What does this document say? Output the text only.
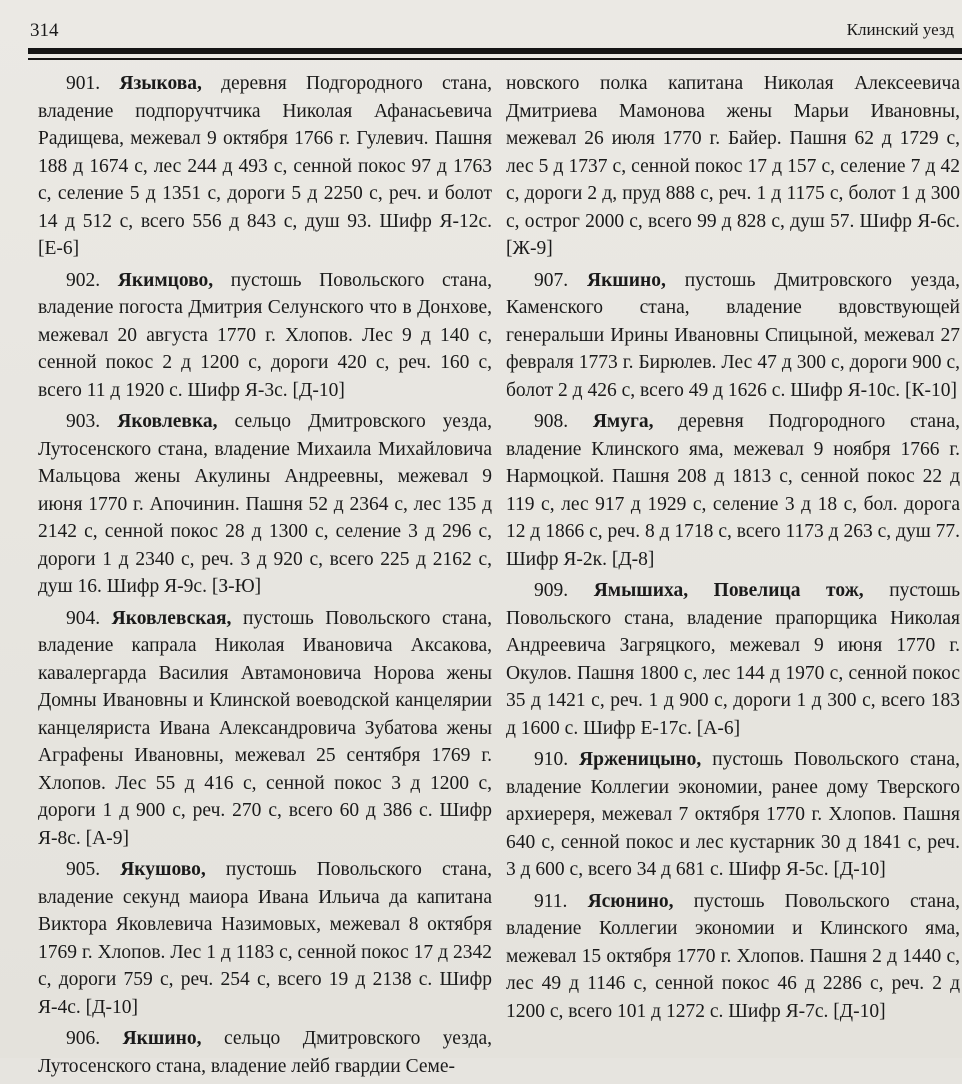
314	Клинский уезд

901. Языкова, деревня Подгородного стана, владение подпоручтчика Николая Афанасьевича Радищева, межевал 9 октября 1766 г. Гулевич. Пашня 188 д 1674 с, лес 244 д 493 с, сенной покос 97 д 1763 с, селение 5 д 1351 с, дороги 5 д 2250 с, реч. и болот 14 д 512 с, всего 556 д 843 с, душ 93. Шифр Я-12с. [Е-6]

902. Якимцово, пустошь Повольского стана, владение погоста Дмитрия Селунского что в Донхове, межевал 20 августа 1770 г. Хлопов. Лес 9 д 140 с, сенной покос 2 д 1200 с, дороги 420 с, реч. 160 с, всего 11 д 1920 с. Шифр Я-3с. [Д-10]

903. Яковлевка, сельцо Дмитровского уезда, Лутосенского стана, владение Михаила Михайловича Мальцова жены Акулины Андреевны, межевал 9 июня 1770 г. Апочинин. Пашня 52 д 2364 с, лес 135 д 2142 с, сенной покос 28 д 1300 с, селение 3 д 296 с, дороги 1 д 2340 с, реч. 3 д 920 с, всего 225 д 2162 с, душ 16. Шифр Я-9с. [З-Ю]

904. Яковлевская, пустошь Повольского стана, владение капрала Николая Ивановича Аксакова, кавалергарда Василия Автамоновича Норова жены Домны Ивановны и Клинской воеводской канцелярии канцеляриста Ивана Александровича Зубатова жены Аграфены Ивановны, межевал 25 сентября 1769 г. Хлопов. Лес 55 д 416 с, сенной покос 3 д 1200 с, дороги 1 д 900 с, реч. 270 с, всего 60 д 386 с. Шифр Я-8с. [А-9]

905. Якушово, пустошь Повольского стана, владение секунд маиора Ивана Ильича да капитана Виктора Яковлевича Назимовых, межевал 8 октября 1769 г. Хлопов. Лес 1 д 1183 с, сенной покос 17 д 2342 с, дороги 759 с, реч. 254 с, всего 19 д 2138 с. Шифр Я-4с. [Д-10]

906. Якшино, сельцо Дмитровского уезда, Лутосенского стана, владение лейб гвардии Семе-

новского полка капитана Николая Алексеевича Дмитриева Мамонова жены Марьи Ивановны, межевал 26 июля 1770 г. Байер. Пашня 62 д 1729 с, лес 5 д 1737 с, сенной покос 17 д 157 с, селение 7 д 42 с, дороги 2 д, пруд 888 с, реч. 1 д 1175 с, болот 1 д 300 с, острог 2000 с, всего 99 д 828 с, душ 57. Шифр Я-6с. [Ж-9]

907. Якшино, пустошь Дмитровского уезда, Каменского стана, владение вдовствующей генеральши Ирины Ивановны Спицыной, межевал 27 февраля 1773 г. Бирюлев. Лес 47 д 300 с, дороги 900 с, болот 2 д 426 с, всего 49 д 1626 с. Шифр Я-10с. [К-10]

908. Ямуга, деревня Подгородного стана, владение Клинского яма, межевал 9 ноября 1766 г. Нармоцкой. Пашня 208 д 1813 с, сенной покос 22 д 119 с, лес 917 д 1929 с, селение 3 д 18 с, бол. дорога 12 д 1866 с, реч. 8 д 1718 с, всего 1173 д 263 с, душ 77. Шифр Я-2к. [Д-8]

909. Ямышиха, Повелица тож, пустошь Повольского стана, владение прапорщика Николая Андреевича Загряцкого, межевал 9 июня 1770 г. Окулов. Пашня 1800 с, лес 144 д 1970 с, сенной покос 35 д 1421 с, реч. 1 д 900 с, дороги 1 д 300 с, всего 183 д 1600 с. Шифр Е-17с. [А-6]

910. Ярженицыно, пустошь Повольского стана, владение Коллегии экономии, ранее дому Тверского архиереря, межевал 7 октября 1770 г. Хлопов. Пашня 640 с, сенной покос и лес кустарник 30 д 1841 с, реч. 3 д 600 с, всего 34 д 681 с. Шифр Я-5с. [Д-10]

911. Ясюнино, пустошь Повольского стана, владение Коллегии экономии и Клинского яма, межевал 15 октября 1770 г. Хлопов. Пашня 2 д 1440 с, лес 49 д 1146 с, сенной покос 46 д 2286 с, реч. 2 д 1200 с, всего 101 д 1272 с. Шифр Я-7с. [Д-10]
